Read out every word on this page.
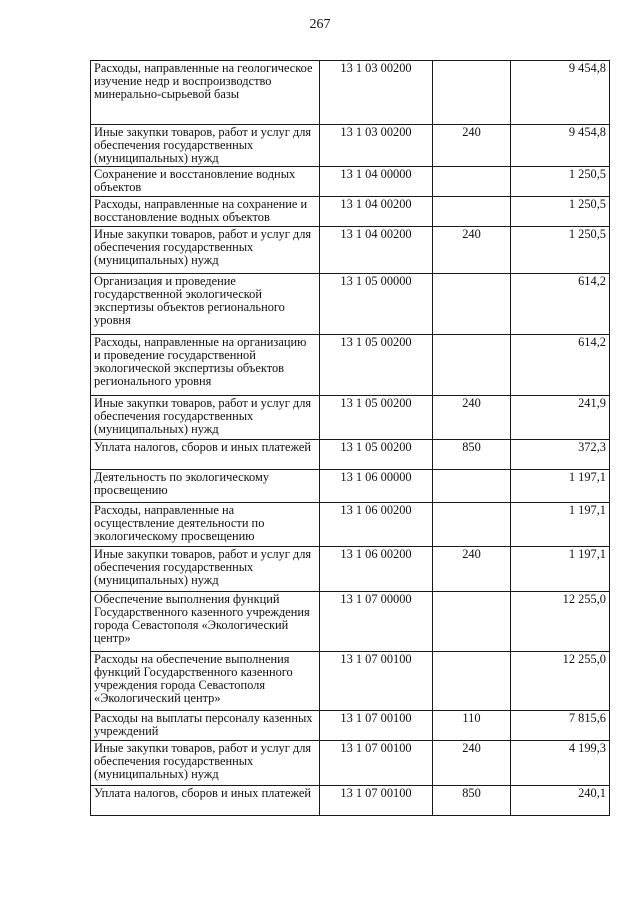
267
Расходы, направленные на геологическое изучение недр и воспроизводство минерально-сырьевой базы	13 1 03 00200		9 454,8
Иные закупки товаров, работ и услуг для обеспечения государственных (муниципальных) нужд	13 1 03 00200	240	9 454,8
Сохранение и восстановление водных объектов	13 1 04 00000		1 250,5
Расходы, направленные на сохранение и восстановление водных объектов	13 1 04 00200		1 250,5
Иные закупки товаров, работ и услуг для обеспечения государственных (муниципальных) нужд	13 1 04 00200	240	1 250,5
Организация и проведение государственной экологической экспертизы объектов регионального уровня	13 1 05 00000		614,2
Расходы, направленные на организацию и проведение государственной экологической экспертизы объектов регионального уровня	13 1 05 00200		614,2
Иные закупки товаров, работ и услуг для обеспечения государственных (муниципальных) нужд	13 1 05 00200	240	241,9
Уплата налогов, сборов и иных платежей	13 1 05 00200	850	372,3
Деятельность по экологическому просвещению	13 1 06 00000		1 197,1
Расходы, направленные на осуществление деятельности по экологическому просвещению	13 1 06 00200		1 197,1
Иные закупки товаров, работ и услуг для обеспечения государственных (муниципальных) нужд	13 1 06 00200	240	1 197,1
Обеспечение выполнения функций Государственного казенного учреждения города Севастополя «Экологический центр»	13 1 07 00000		12 255,0
Расходы на обеспечение выполнения функций Государственного казенного учреждения города Севастополя «Экологический центр»	13 1 07 00100		12 255,0
Расходы на выплаты персоналу казенных учреждений	13 1 07 00100	110	7 815,6
Иные закупки товаров, работ и услуг для обеспечения государственных (муниципальных) нужд	13 1 07 00100	240	4 199,3
Уплата налогов, сборов и иных платежей	13 1 07 00100	850	240,1
